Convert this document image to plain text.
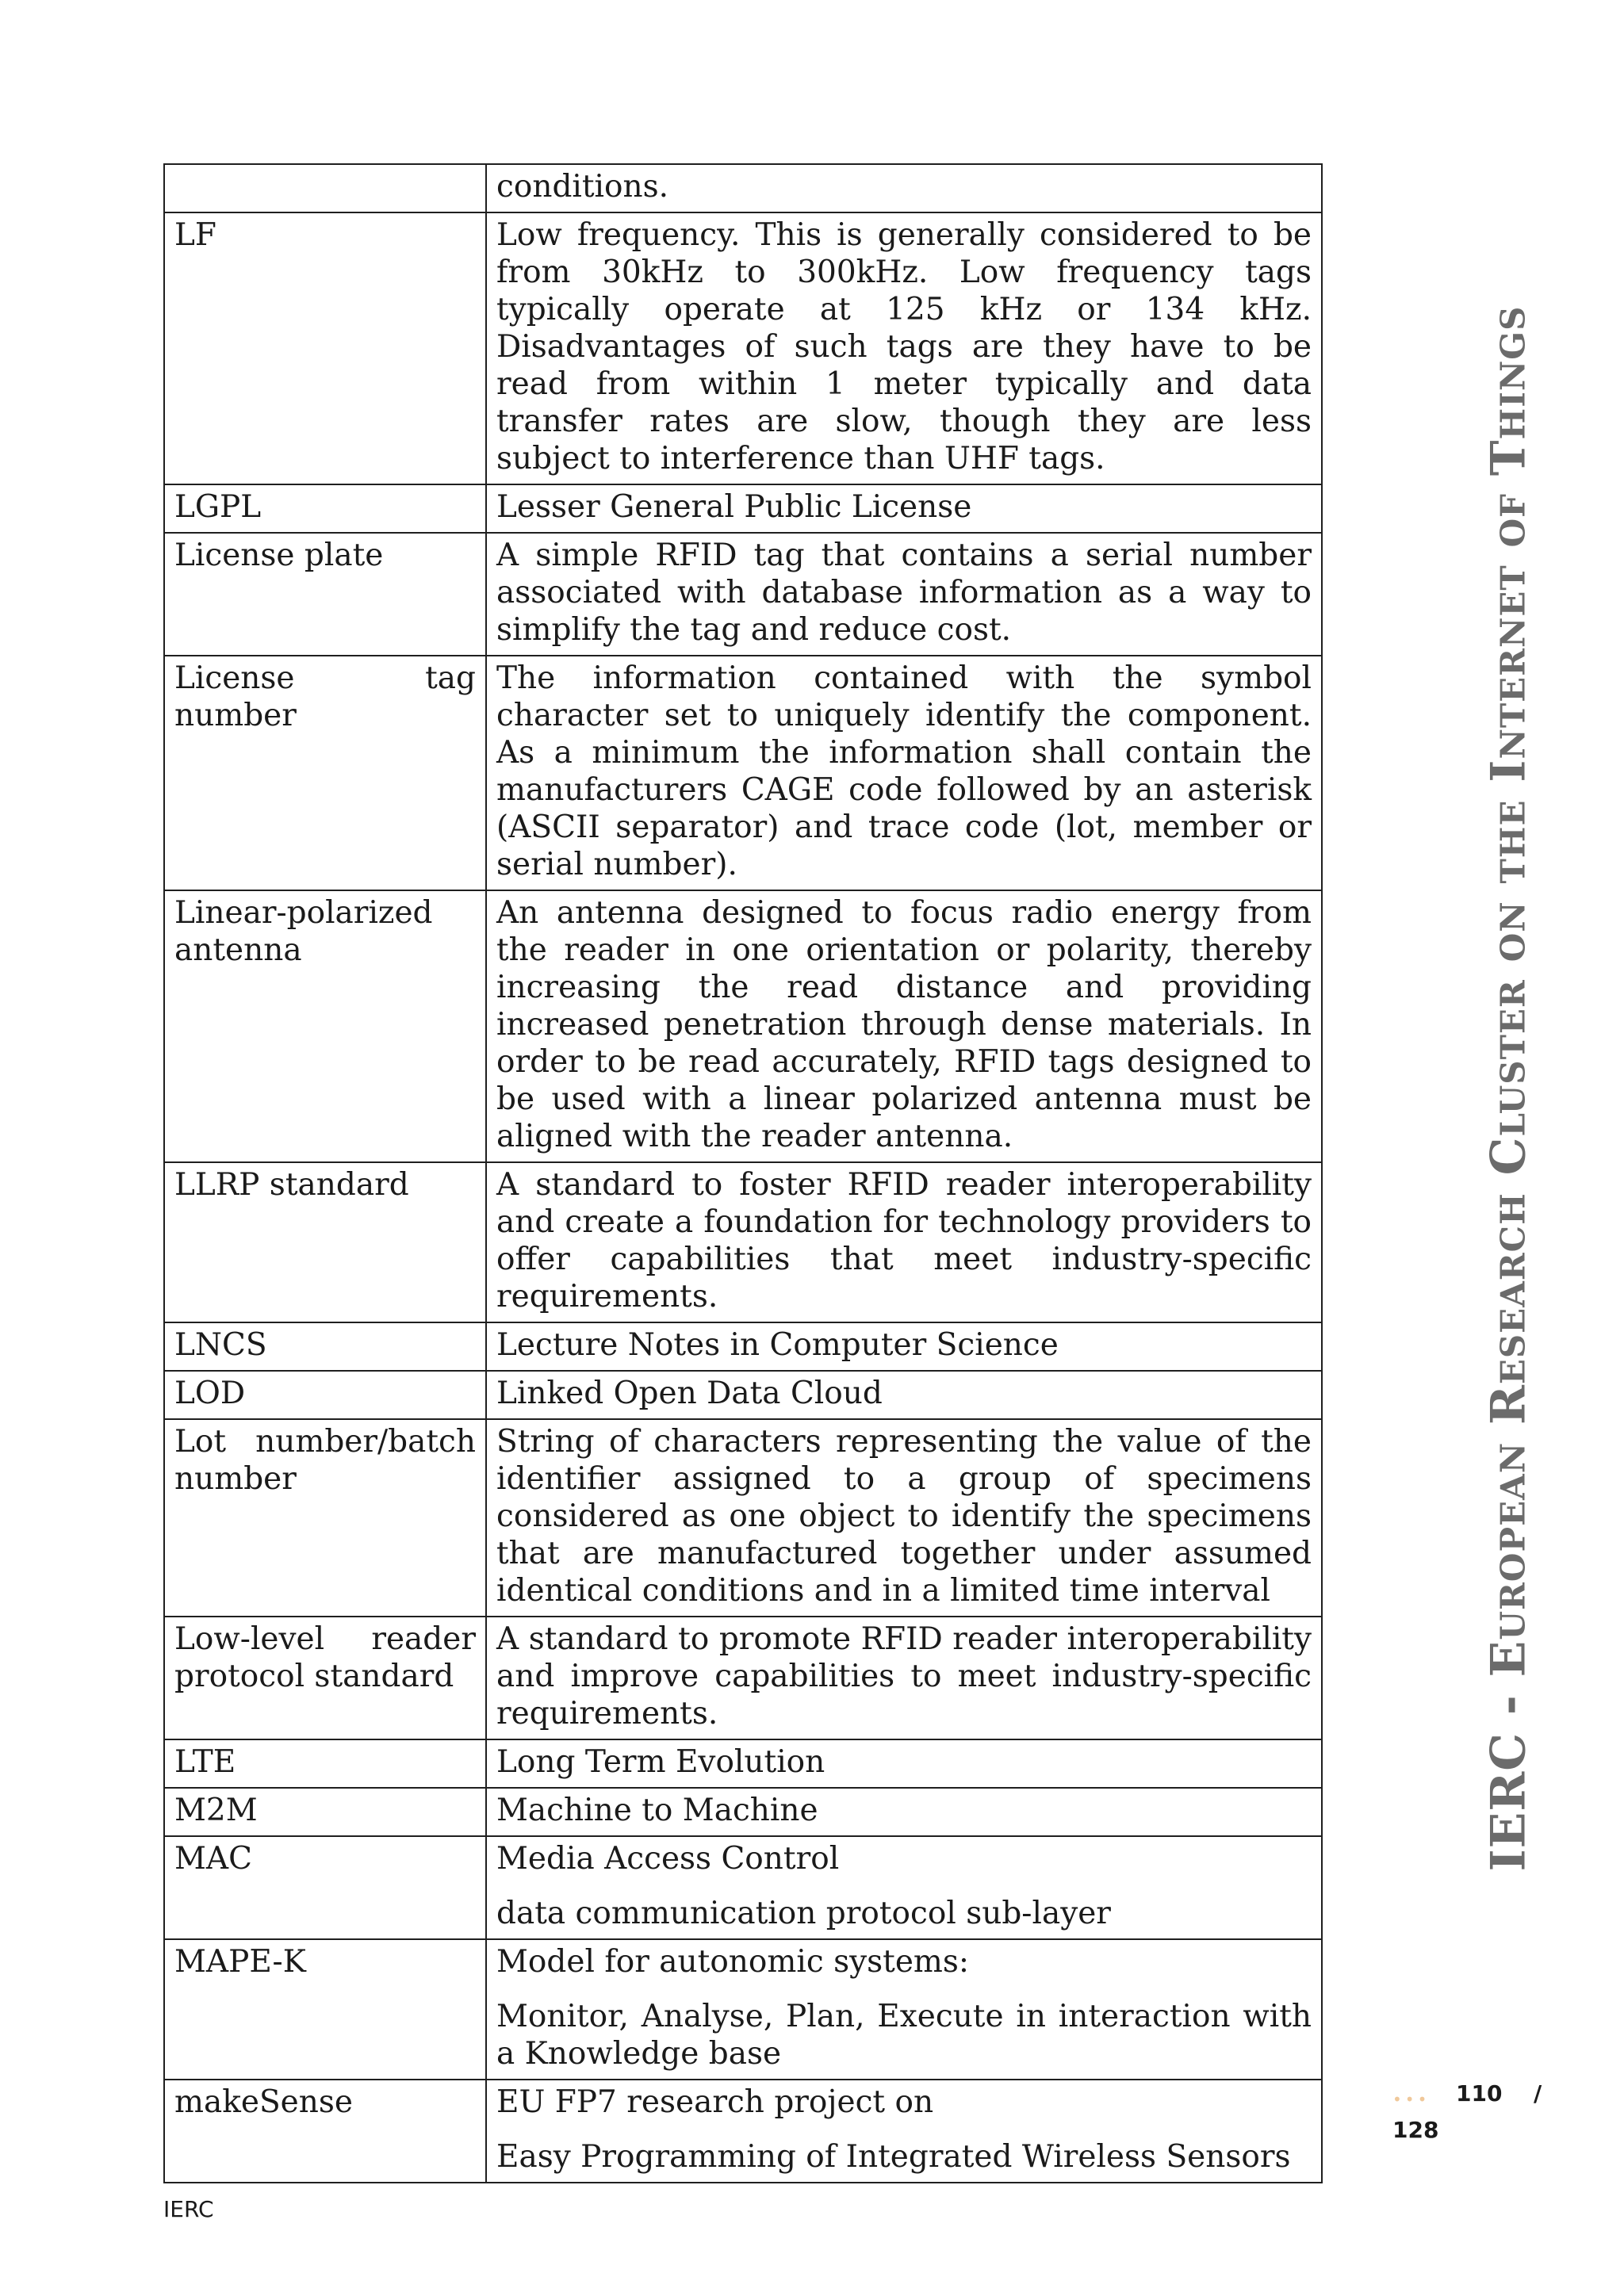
	conditions.

LF	Low frequency. This is generally considered to be from 30kHz to 300kHz. Low frequency tags typically operate at 125 kHz or 134 kHz. Disadvantages of such tags are they have to be read from within 1 meter typically and data transfer rates are slow, though they are less subject to interference than UHF tags.

LGPL	Lesser General Public License

License plate	A simple RFID tag that contains a serial number associated with database information as a way to simplify the tag and reduce cost.

License tag number	The information contained with the symbol character set to uniquely identify the component. As a minimum the information shall contain the manufacturers CAGE code followed by an asterisk (ASCII separator) and trace code (lot, member or serial number).

Linear-polarized antenna	An antenna designed to focus radio energy from the reader in one orientation or polarity, thereby increasing the read distance and providing increased penetration through dense materials. In order to be read accurately, RFID tags designed to be used with a linear polarized antenna must be aligned with the reader antenna.

LLRP standard	A standard to foster RFID reader interoperability and create a foundation for technology providers to offer capabilities that meet industry-specific requirements.

LNCS	Lecture Notes in Computer Science

LOD	Linked Open Data Cloud

Lot number/batch number	String of characters representing the value of the identifier assigned to a group of specimens considered as one object to identify the specimens that are manufactured together under assumed identical conditions and in a limited time interval

Low-level reader protocol standard	A standard to promote RFID reader interoperability and improve capabilities to meet industry-specific requirements.

LTE	Long Term Evolution

M2M	Machine to Machine

MAC	Media Access Control

data communication protocol sub-layer

MAPE-K	Model for autonomic systems:

Monitor, Analyse, Plan, Execute in interaction with a Knowledge base

makeSense	EU FP7 research project on

Easy Programming of Integrated Wireless Sensors

IERC - European Research Cluster on the Internet of Things
••• 110 /
128
IERC
